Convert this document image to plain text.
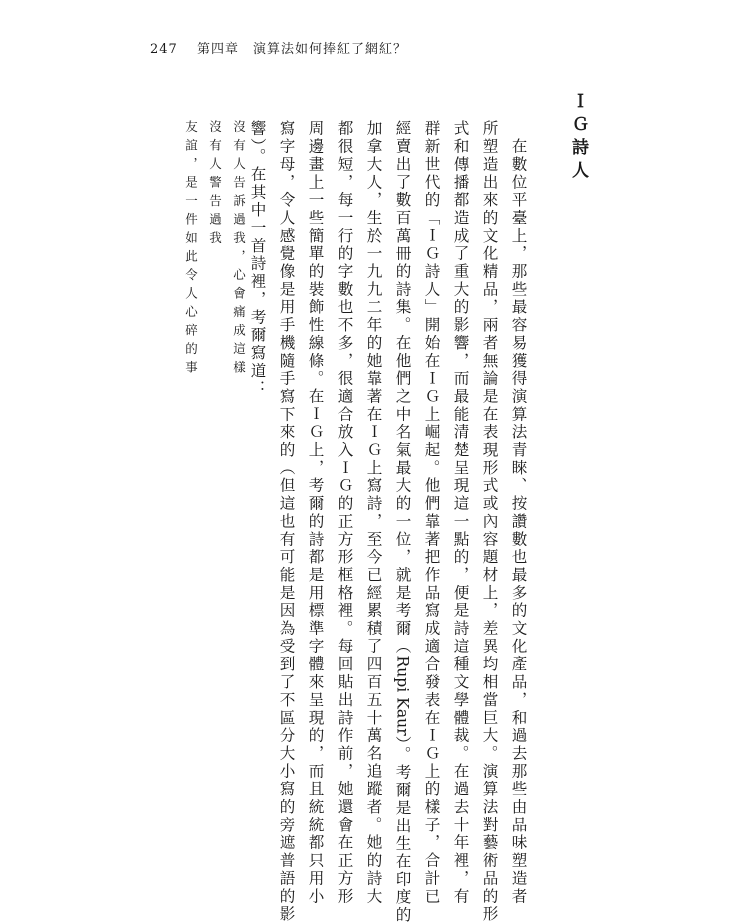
247 第四章　演算法如何捧紅了網紅？
ＩＧ詩人
　在數位平臺上，那些最容易獲得演算法青睞、按讚數也最多的文化產品，和過去那些由品味塑造者
所塑造出來的文化精品，兩者無論是在表現形式或內容題材上，差異均相當巨大。演算法對藝術品的形
式和傳播都造成了重大的影響，而最能清楚呈現這一點的，便是詩這種文學體裁。在過去十年裡，有
群新世代的「ＩＧ詩人」開始在ＩＧ上崛起。他們靠著把作品寫成適合發表在ＩＧ上的樣子，合計已
經賣出了數百萬冊的詩集。在他們之中名氣最大的一位，就是考爾（Rupi Kaur）。考爾是出生在印度的
加拿大人，生於一九九二年的她靠著在ＩＧ上寫詩，至今已經累積了四百五十萬名追蹤者。她的詩大
都很短，每一行的字數也不多，很適合放入ＩＧ的正方形框格裡。每回貼出詩作前，她還會在正方形
周邊畫上一些簡單的裝飾性線條。在ＩＧ上，考爾的詩都是用標準字體來呈現的，而且統統都只用小
寫字母，令人感覺像是用手機隨手寫下來的（但這也有可能是因為受到了不區分大小寫的旁遮普語的影
響）。在其中一首詩裡，考爾寫道：
沒有人告訴過我，心會痛成這樣
沒有人警告過我
友誼，是一件如此令人心碎的事
